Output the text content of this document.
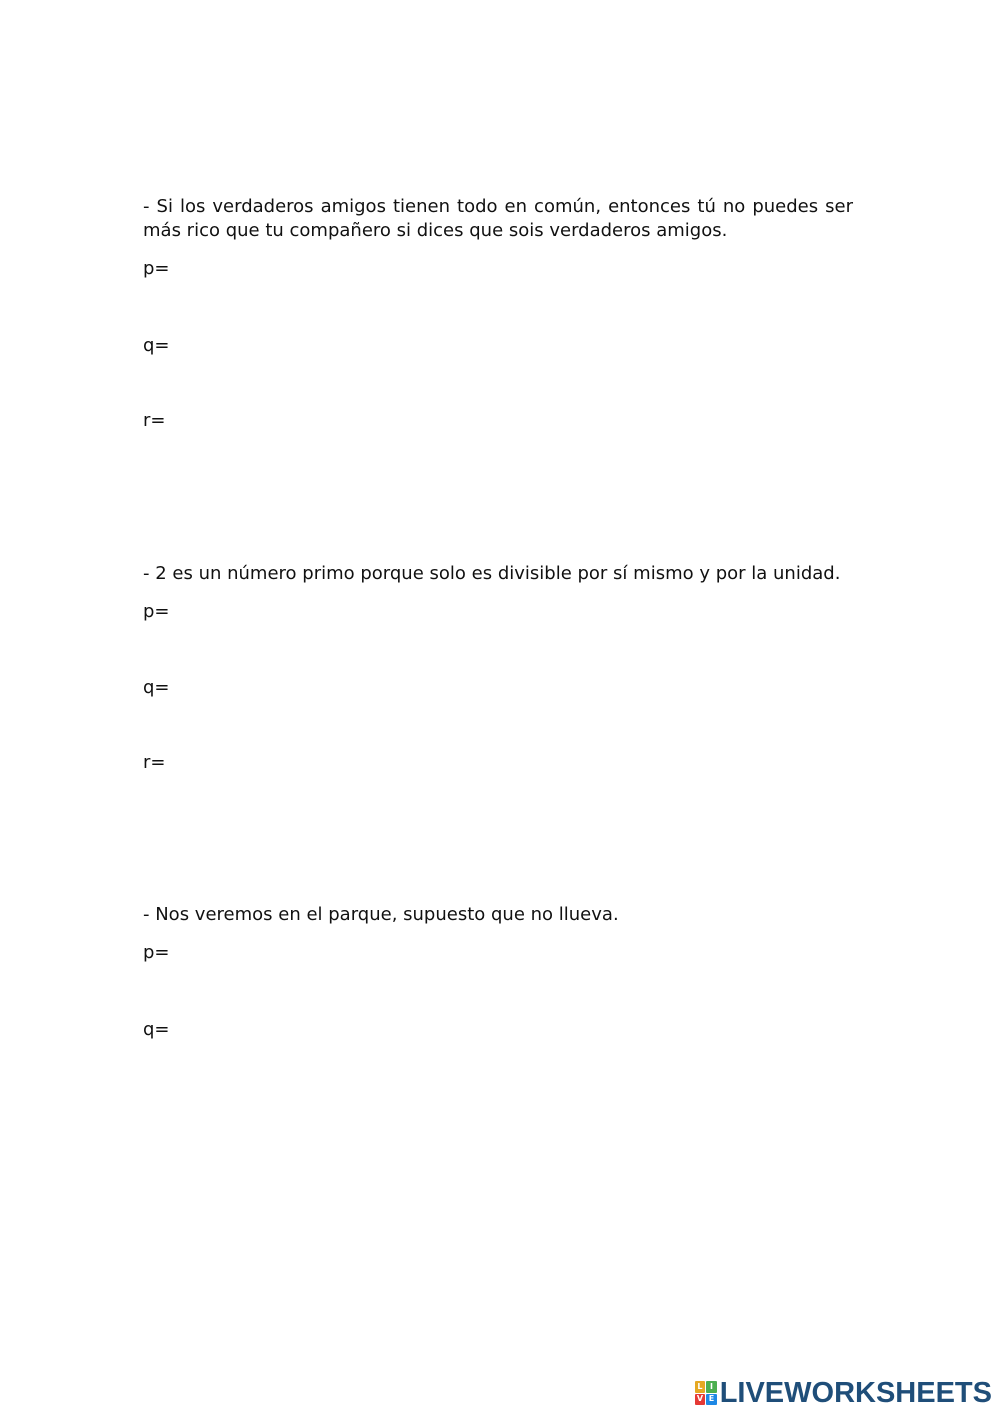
- Si los verdaderos amigos tienen todo en común, entonces tú no puedes ser más rico que tu compañero si dices que sois verdaderos amigos.

p=
q=
r=

- 2 es un número primo porque solo es divisible por sí mismo y por la unidad.

p=
q=
r=

- Nos veremos en el parque, supuesto que no llueva.

p=
q=
L I
V E LIVEWORKSHEETS
